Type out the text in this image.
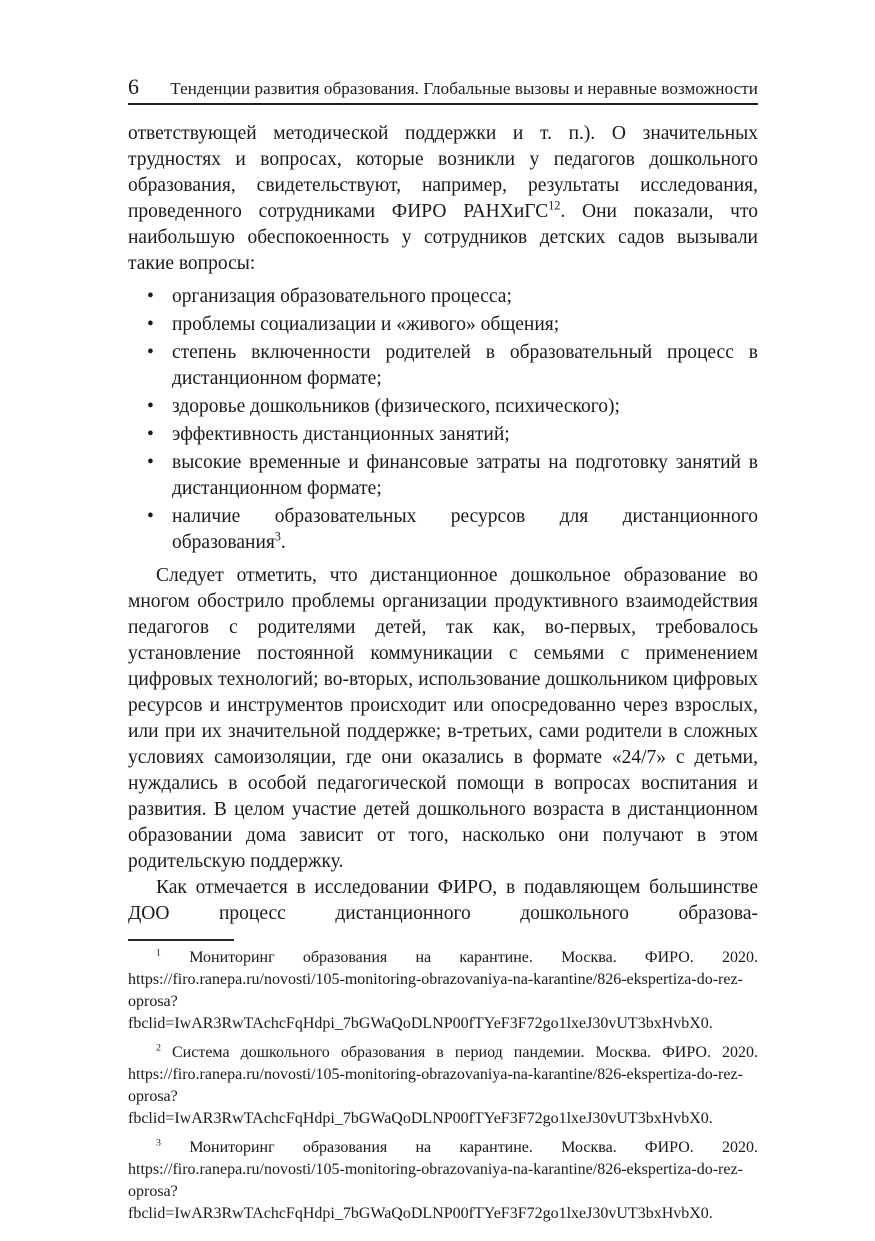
6 Тенденции развития образования. Глобальные вызовы и неравные возможности

ответствующей методической поддержки и т. п.). О значительных трудностях и вопросах, которые возникли у педагогов дошкольного образования, свидетельствуют, например, результаты исследования, проведенного сотрудниками ФИРО РАНХиГС$^{12}$. Они показали, что наибольшую обеспокоенность у сотрудников детских садов вызывали такие вопросы:

• организация образовательного процесса;
• проблемы социализации и «живого» общения;
• степень включенности родителей в образовательный процесс в дистанционном формате;
• здоровье дошкольников (физического, психического);
• эффективность дистанционных занятий;
• высокие временные и финансовые затраты на подготовку занятий в дистанционном формате;
• наличие образовательных ресурсов для дистанционного образования$^3$.

Следует отметить, что дистанционное дошкольное образование во многом обострило проблемы организации продуктивного взаимодействия педагогов с родителями детей, так как, во-первых, требовалось установление постоянной коммуникации с семьями с применением цифровых технологий; во-вторых, использование дошкольником цифровых ресурсов и инструментов происходит или опосредованно через взрослых, или при их значительной поддержке; в-третьих, сами родители в сложных условиях самоизоляции, где они оказались в формате «24/7» с детьми, нуждались в особой педагогической помощи в вопросах воспитания и развития. В целом участие детей дошкольного возраста в дистанционном образовании дома зависит от того, насколько они получают в этом родительскую поддержку.

Как отмечается в исследовании ФИРО, в подавляющем большинстве ДОО процесс дистанционного дошкольного образова-

$^1$ Мониторинг образования на карантине. Москва. ФИРО. 2020. https://firo.ranepa.ru/novosti/105-monitoring-obrazovaniya-na-karantine/826-ekspertiza-do-rez-oprosa?fbclid=IwAR3RwTAchcFqHdpi_7bGWaQoDLNP00fTYeF3F72go1lxeJ30vUT3bxHvbX0.

$^2$ Система дошкольного образования в период пандемии. Москва. ФИРО. 2020. https://firo.ranepa.ru/novosti/105-monitoring-obrazovaniya-na-karantine/826-ekspertiza-do-rez-oprosa?fbclid=IwAR3RwTAchcFqHdpi_7bGWaQoDLNP00fTYeF3F72go1lxeJ30vUT3bxHvbX0.

$^3$ Мониторинг образования на карантине. Москва. ФИРО. 2020. https://firo.ranepa.ru/novosti/105-monitoring-obrazovaniya-na-karantine/826-ekspertiza-do-rez-oprosa?fbclid=IwAR3RwTAchcFqHdpi_7bGWaQoDLNP00fTYeF3F72go1lxeJ30vUT3bxHvbX0.
